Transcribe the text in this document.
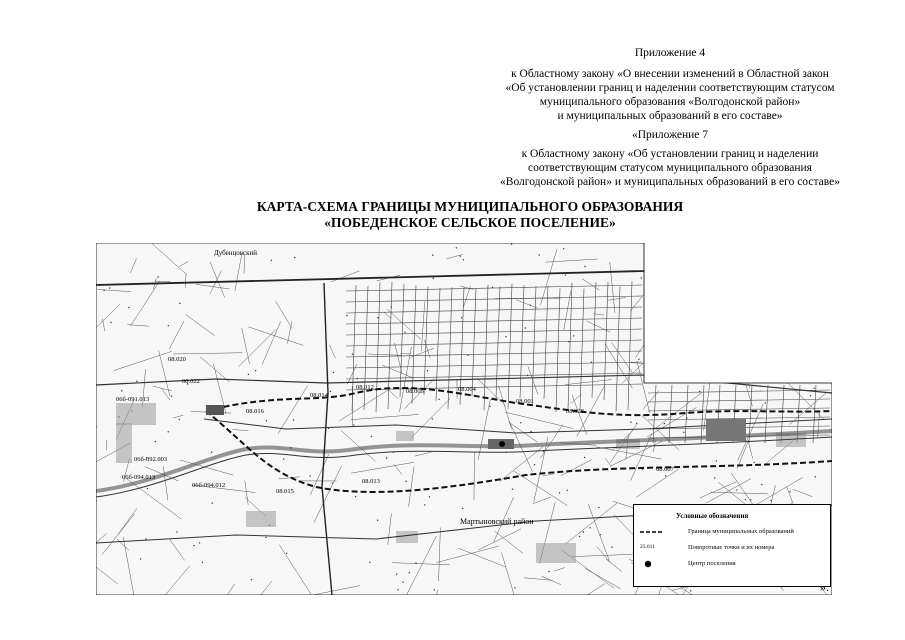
Приложение 4
к Областному закону «О внесении изменений в Областной закон
«Об установлении границ и наделении соответствующим статусом
муниципального образования «Волгодонской район»
и муниципальных образований в его составе»
«Приложение 7
к Областному закону «Об установлении границ и наделении
соответствующим статусом муниципального образования
«Волгодонской район» и муниципальных образований в его составе»
КАРТА-СХЕМА ГРАНИЦЫ МУНИЦИПАЛЬНОГО ОБРАЗОВАНИЯ
«ПОБЕДЕНСКОЕ СЕЛЬСКОЕ ПОСЕЛЕНИЕ»
Дубенцовский
Мартыновский район
08.020
08.022
06б-091.013
08.016
08.014
08.012
08.005	08.004
08.001
08.028
06б-092.003
06б-094.013
06б-094.012
08.015
08.013
08.007
Условные обозначения
Граница муниципальных образований
25.011	Поворотные точки и их номера
Центр поселения
».
